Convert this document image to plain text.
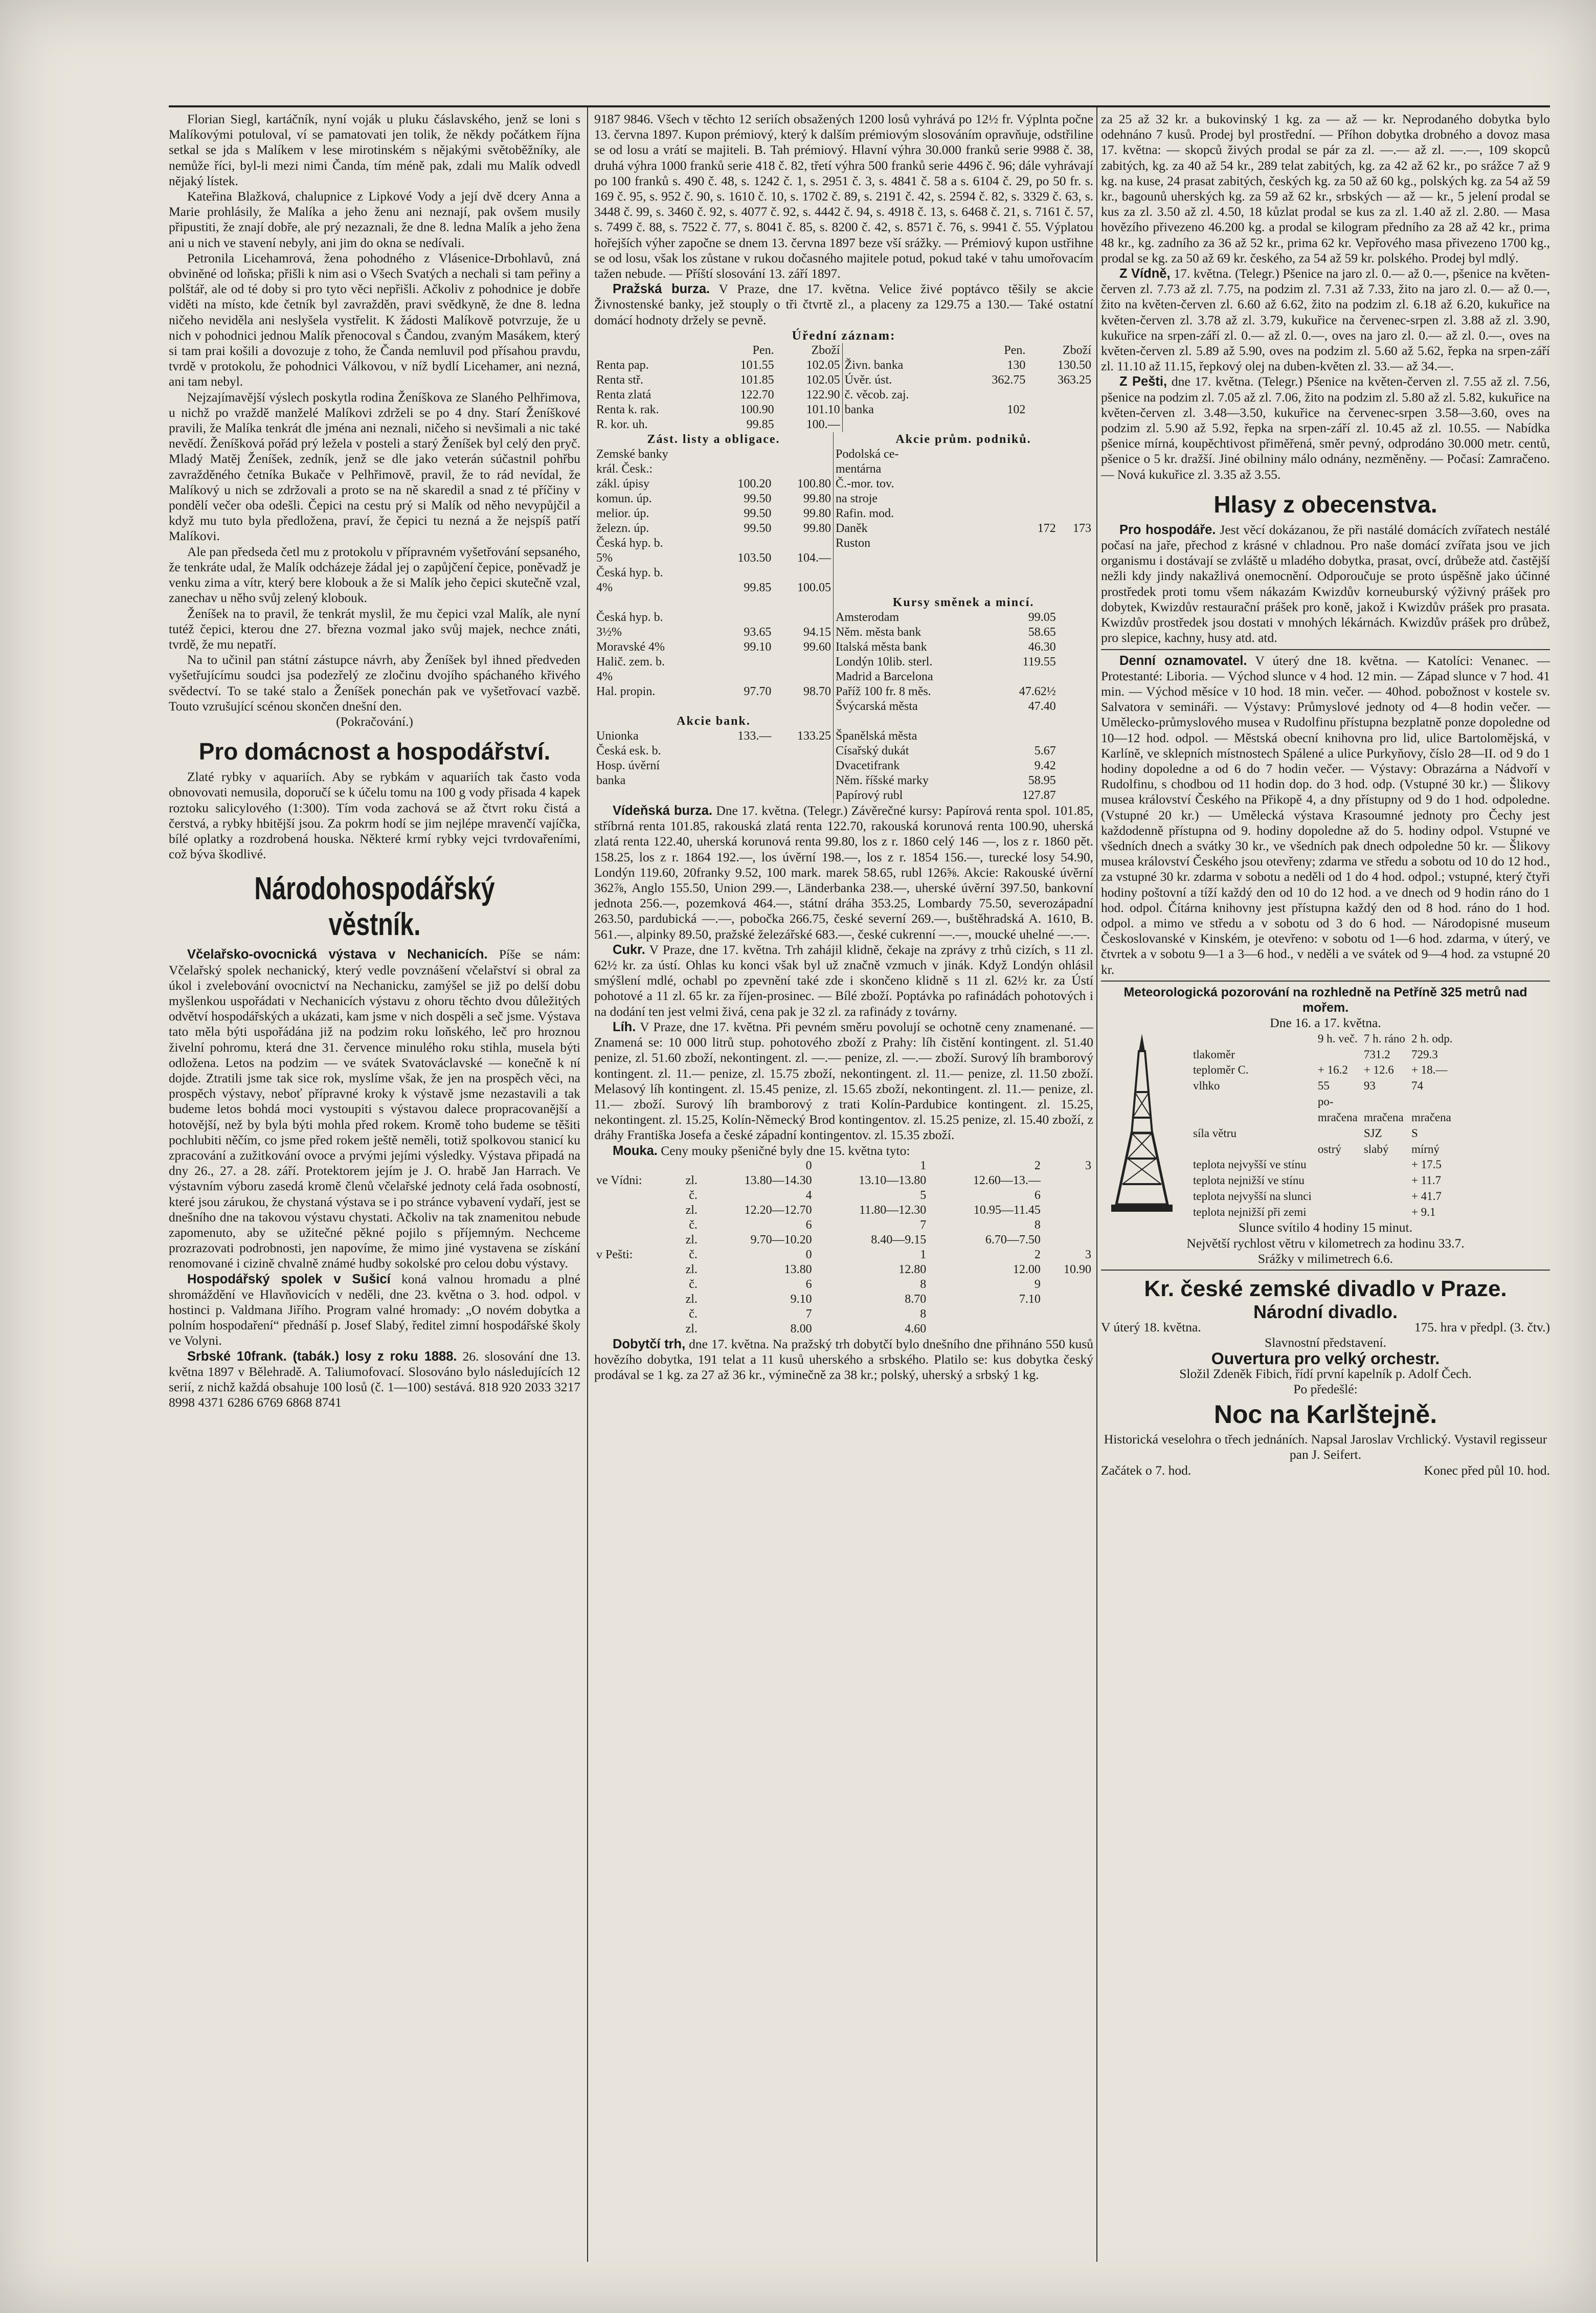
Florian Siegl, kartáčník, nyní voják u pluku čáslavského, jenž se loni s Malíkovými potuloval, ví se pamatovati jen tolik, že někdy počátkem října setkal se jda s Malíkem v lese mirotinském s nějakými světoběžníky, ale nemůže říci, byl-li mezi nimi Čanda, tím méně pak, zdali mu Malík odvedl nějaký lístek.

Kateřina Blažková, chalupnice z Lipkové Vody a její dvě dcery Anna a Marie prohlásily, že Malíka a jeho ženu ani neznají, pak ovšem musily připustiti, že znají dobře, ale prý nezaznali, že dne 8. ledna Malík a jeho žena ani u nich ve stavení nebyly, ani jim do okna se nedívali.

Petronila Licehamrová, žena pohodného z Vlásenice-Drbohlavů, zná obviněné od loňska; přišli k nim asi o Všech Svatých a nechali si tam peřiny a polštář, ale od té doby si pro tyto věci nepřišli. Ačkoliv z pohodnice je dobře viděti na místo, kde četník byl zavražděn, pravi svědkyně, že dne 8. ledna ničeho neviděla ani neslyšela vystřelit. K žádosti Malíkově potvrzuje, že u nich v pohodnici jednou Malík přenocoval s Čandou, zvaným Masákem, který si tam prai košili a dovozuje z toho, že Čanda nemluvil pod přísahou pravdu, tvrdě v protokolu, že pohodnici Válkovou, v níž bydlí Licehamer, ani nezná, ani tam nebyl.

Nejzajímavější výslech poskytla rodina Ženíškova ze Slaného Pelhřimova, u nichž po vraždě manželé Malíkovi zdrželi se po 4 dny. Starí Ženíškové pravili, že Malíka tenkrát dle jména ani neznali, ničeho si nevšimali a nic také nevědí. Ženíšková pořád prý ležela v posteli a starý Ženíšek byl celý den pryč. Mladý Matěj Ženíšek, zedník, jenž se dle jako veterán súčastnil pohřbu zavražděného četníka Bukače v Pelhřimově, pravil, že to rád nevídal, že Malíkový u nich se zdržovali a proto se na ně skaredil a snad z té příčiny v pondělí večer oba odešli. Čepici na cestu prý si Malík od něho nevypůjčil a když mu tuto byla předložena, praví, že čepici tu nezná a že nejspíš patří Malíkovi.

Ale pan předseda četl mu z protokolu v přípravném vyšetřování sepsaného, že tenkráte udal, že Malík odcházeje žádal jej o zapůjčení čepice, poněvadž je venku zima a vítr, který bere klobouk a že si Malík jeho čepici skutečně vzal, zanechav u něho svůj zelený klobouk.

Ženíšek na to pravil, že tenkrát myslil, že mu čepici vzal Malík, ale nyní tutéž čepici, kterou dne 27. března vozmal jako svůj majek, nechce znáti, tvrdě, že mu nepatří.

Na to učinil pan státní zástupce návrh, aby Ženíšek byl ihned předveden vyšetřujícímu soudci jsa podezřelý ze zločinu dvojího spáchaného křivého svědectví. To se také stalo a Ženíšek ponechán pak ve vyšetřovací vazbě. Touto vzrušující scénou skončen dnešní den.

(Pokračování.)

Pro domácnost a hospodářství.

Zlaté rybky v aquariích. Aby se rybkám v aquariích tak často voda obnovovati nemusila, doporučí se k účelu tomu na 100 g vody přisada 4 kapek roztoku salicylového (1:300). Tím voda zachová se až čtvrt roku čistá a čerstvá, a rybky hbitější jsou. Za pokrm hodí se jim nejlépe mravenčí vajíčka, bílé oplatky a rozdrobená houska. Některé krmí rybky vejci tvrdovařeními, což býva škodlivé.

Národohospodářský věstník.

Včelařsko-ovocnická výstava v Nechanicích. Píše se nám: Včelařský spolek nechanický, který vedle povznášení včelařství si obral za úkol i zvelebování ovocnictví na Nechanicku, zamýšel se již po delší dobu myšlenkou uspořádati v Nechanicích výstavu z ohoru těchto dvou důležitých odvětví hospodářských a ukázati, kam jsme v nich dospěli a seč jsme. Výstava tato měla býti uspořádána již na podzim roku loňského, leč pro hroznou živelní pohromu, která dne 31. července minulého roku stihla, musela býti odložena. Letos na podzim — ve svátek Svatováclavské — konečně k ní dojde. Ztratili jsme tak sice rok, myslíme však, že jen na prospěch věci, na prospěch výstavy, neboť přípravné kroky k výstavě jsme nezastavili a tak budeme letos bohdá moci vystoupiti s výstavou dalece propracovanější a hotovější, než by byla býti mohla před rokem. Kromě toho budeme se těšiti pochlubiti něčím, co jsme před rokem ještě neměli, totiž spolkovou stanicí ku zpracování a zužitkování ovoce a prvými jejími výsledky. Výstava připadá na dny 26., 27. a 28. září. Protektorem jejím je J. O. hrabě Jan Harrach. Ve výstavním výboru zasedá kromě členů včelařské jednoty celá řada osobností, které jsou zárukou, že chystaná výstava se i po stránce vybavení vydaří, jest se dnešního dne na takovou výstavu chystati. Ačkoliv na tak znamenitou nebude zapomenuto, aby se užitečné pěkné pojilo s příjemným. Nechceme prozrazovati podrobnosti, jen napovíme, že mimo jiné vystavena se získání renomované i cizině chvalně známé hudby sokolské pro celou dobu výstavy.

Hospodářský spolek v Sušicí koná valnou hromadu a plné shromáždění ve Hlavňovicích v neděli, dne 23. května o 3. hod. odpol. v hostinci p. Valdmana Jiřího. Program valné hromady: „O novém dobytka a polním hospodaření“ přednáší p. Josef Slabý, ředitel zimní hospodářské školy ve Volyni.

Srbské 10frank. (tabák.) losy z roku 1888. 26. slosování dne 13. května 1897 v Bělehradě. A. Taliumofovací. Slosováno bylo následujících 12 serií, z nichž každá obsahuje 100 losů (č. 1—100) sestává. 818 920 2033 3217 8998 4371 6286 6769 6868 8741

9187 9846. Všech v těchto 12 seriích obsažených 1200 losů vyhrává po 12½ fr. Výplnta počne 13. června 1897. Kupon prémiový, který k dalším prémiovým slosováním opravňuje, odstřiline se od losu a vrátí se majiteli. B. Tah prémiový. Hlavní výhra 30.000 franků serie 9988 č. 38, druhá výhra 1000 franků serie 418 č. 82, třetí výhra 500 franků serie 4496 č. 96; dále vyhrávají po 100 franků s. 490 č. 48, s. 1242 č. 1, s. 2951 č. 3, s. 4841 č. 58 a s. 6104 č. 29, po 50 fr. s. 169 č. 95, s. 952 č. 90, s. 1610 č. 10, s. 1702 č. 89, s. 2191 č. 42, s. 2594 č. 82, s. 3329 č. 63, s. 3448 č. 99, s. 3460 č. 92, s. 4077 č. 92, s. 4442 č. 94, s. 4918 č. 13, s. 6468 č. 21, s. 7161 č. 57, s. 7499 č. 88, s. 7522 č. 77, s. 8041 č. 85, s. 8200 č. 42, s. 8571 č. 76, s. 9941 č. 55. Výplatou hořejších výher započne se dnem 13. června 1897 beze vší srážky. — Prémiový kupon ustřihne se od losu, však los zůstane v rukou dočasného majitele potud, pokud také v tahu umořovacím tažen nebude. — Příští slosování 13. září 1897.

Pražská burza. V Praze, dne 17. května. Velice živé poptávco těšily se akcie Živnostenské banky, jež stouply o tři čtvrtě zl., a placeny za 129.75 a 130.— Také ostatní domácí hodnoty držely se pevně.

Úřední záznam:
	Pen.	Zboží		Pen.	Zboží
Renta pap.	101.55	102.05	Živn. banka	130	130.50
Renta stř.	101.85	102.05	Úvěr. úst.	362.75	363.25
Renta zlatá	122.70	122.90	č. věcob. zaj.		
Renta k. rak.	100.90	101.10	banka	102	
R. kor. uh.	99.85	100.—			
Zást. listy a obligace.			Akcie prům. podniků.		
Zemské banky			Podolská ce-		
král. Česk.:			mentárna		
zákl. úpisy	100.20	100.80	Č.-mor. tov.		
komun. úp.	99.50	99.80	na stroje		
melior. úp.	99.50	99.80	Rafin. mod.		
železn. úp.	99.50	99.80	Daněk	172	173
Česká hyp. b.			Ruston		
5%	103.50	104.—			
Česká hyp. b.					
4%	99.85	100.05			
			Kursy směnek a mincí.		
Česká hyp. b.			Amsterodam	99.05	
3½%	93.65	94.15	Něm. města bank	58.65	
Moravské 4%	99.10	99.60	Italská města bank	46.30	
Halič. zem. b.			Londýn 10lib. sterl.	119.55	
4%			Madrid a Barcelona		
Hal. propin.	97.70	98.70	Paříž 100 fr. 8 měs.	47.62½	
			Švýcarská města	47.40	
Akcie bank.					
Unionka	133.—	133.25	Španělská města		
Česká esk. b.			Císařský dukát	5.67	
Hosp. úvěrní			Dvacetifrank	9.42	
banka			Něm. říšské marky	58.95	
			Papírový rubl	127.87	

Vídeňská burza. Dne 17. května. (Telegr.) Závěrečné kursy: Papírová renta spol. 101.85, stříbrná renta 101.85, rakouská zlatá renta 122.70, rakouská korunová renta 100.90, uherská zlatá renta 122.40, uherská korunová renta 99.80, los z r. 1860 celý 146 —, los z r. 1860 pět. 158.25, los z r. 1864 192.—, los úvěrní 198.—, los z r. 1854 156.—, turecké losy 54.90, Londýn 119.60, 20franky 9.52, 100 mark. marek 58.65, rubl 126⅝. Akcie: Rakouské úvěrní 362⅞, Anglo 155.50, Union 299.—, Länderbanka 238.—, uherské úvěrní 397.50, bankovní jednota 256.—, pozemková 464.—, státní dráha 353.25, Lombardy 75.50, severozápadní 263.50, pardubická —.—, pobočka 266.75, české severní 269.—, buštěhradská A. 1610, B. 561.—, alpinky 89.50, pražské železářské 683.—, české cukrenní —.—, moucké uhelné —.—.

Cukr. V Praze, dne 17. května. Trh zahájil klidně, čekaje na zprávy z trhů cizích, s 11 zl. 62½ kr. za ústí. Ohlas ku konci však byl už značně vzmuch v jinák. Když Londýn ohlásil smýšlení mdlé, ochabl po zpevnění také zde i skončeno klidně s 11 zl. 62½ kr. za Ústí pohotové a 11 zl. 65 kr. za říjen-prosinec. — Bílé zboží. Poptávka po rafinádách pohotových i na dodání ten jest velmi živá, cena pak je 32 zl. za rafinády z továrny.

Líh. V Praze, dne 17. května. Při pevném směru povolují se ochotně ceny znamenané. — Znamená se: 10 000 litrů stup. pohotového zboží z Prahy: líh čistění kontingent. zl. 51.40 penize, zl. 51.60 zboží, nekontingent. zl. —.— penize, zl. —.— zboží. Surový líh bramborový kontingent. zl. 11.— penize, zl. 15.75 zboží, nekontingent. zl. 11.— penize, zl. 11.50 zboží. Melasový líh kontingent. zl. 15.45 penize, zl. 15.65 zboží, nekontingent. zl. 11.— penize, zl. 11.— zboží. Surový líh bramborový z trati Kolín-Pardubice kontingent. zl. 15.25, nekontingent. zl. 15.25, Kolín-Německý Brod kontingentov. zl. 15.25 penize, zl. 15.40 zboží, z dráhy Františka Josefa a české západní kontingentov. zl. 15.35 zboží.

Mouka. Ceny mouky pšeničné byly dne 15. května tyto:

		0	1	2	3
ve Vídni:	zl.	13.80—14.30	13.10—13.80	12.60—13.—	
	č.	4	5	6	
	zl.	12.20—12.70	11.80—12.30	10.95—11.45	
	č.	6	7	8	
	zl.	9.70—10.20	8.40—9.15	6.70—7.50	
v Pešti:	č.	0	1	2	3
	zl.	13.80	12.80	12.00	10.90
	č.	6	8	9	
	zl.	9.10	8.70	7.10	
	č.	7	8		
	zl.	8.00	4.60		

Dobytčí trh, dne 17. května. Na pražský trh dobytčí bylo dnešního dne přihnáno 550 kusů hovězího dobytka, 191 telat a 11 kusů uherského a srbského. Platilo se: kus dobytka český prodával se 1 kg. za 27 až 36 kr., výminečně za 38 kr.; polský, uherský a srbský 1 kg.

za 25 až 32 kr. a bukovinský 1 kg. za — až — kr. Neprodaného dobytka bylo odehnáno 7 kusů. Prodej byl prostřední. — Příhon dobytka drobného a dovoz masa 17. května: — skopců živých prodal se pár za zl. —.— až zl. —.—, 109 skopců zabitých, kg. za 40 až 54 kr., 289 telat zabitých, kg. za 42 až 62 kr., po srážce 7 až 9 kg. na kuse, 24 prasat zabitých, českých kg. za 50 až 60 kg., polských kg. za 54 až 59 kr., bagounů uherských kg. za 59 až 62 kr., srbských — až — kr., 5 jelení prodal se kus za zl. 3.50 až zl. 4.50, 18 kůzlat prodal se kus za zl. 1.40 až zl. 2.80. — Masa hovězího přivezeno 46.200 kg. a prodal se kilogram předního za 28 až 42 kr., prima 48 kr., kg. zadního za 36 až 52 kr., prima 62 kr. Vepřového masa přivezeno 1700 kg., prodal se kg. za 50 až 69 kr. českého, za 54 až 59 kr. polského. Prodej byl mdlý.

Z Vídně, 17. května. (Telegr.) Pšenice na jaro zl. 0.— až 0.—, pšenice na květen-červen zl. 7.73 až zl. 7.75, na podzim zl. 7.31 až 7.33, žito na jaro zl. 0.— až 0.—, žito na květen-červen zl. 6.60 až 6.62, žito na podzim zl. 6.18 až 6.20, kukuřice na květen-červen zl. 3.78 až zl. 3.79, kukuřice na červenec-srpen zl. 3.88 až zl. 3.90, kukuřice na srpen-září zl. 0.— až zl. 0.—, oves na jaro zl. 0.— až zl. 0.—, oves na květen-červen zl. 5.89 až 5.90, oves na podzim zl. 5.60 až 5.62, řepka na srpen-září zl. 11.10 až 11.15, řepkový olej na duben-květen zl. 33.— až 34.—.

Z Pešti, dne 17. května. (Telegr.) Pšenice na květen-červen zl. 7.55 až zl. 7.56, pšenice na podzim zl. 7.05 až zl. 7.06, žito na podzim zl. 5.80 až zl. 5.82, kukuřice na květen-červen zl. 3.48—3.50, kukuřice na červenec-srpen 3.58—3.60, oves na podzim zl. 5.90 až 5.92, řepka na srpen-září zl. 10.45 až zl. 10.55. — Nabídka pšenice mírná, koupěchtivost přiměřená, směr pevný, odprodáno 30.000 metr. centů, pšenice o 5 kr. dražší. Jiné obilniny málo odnány, nezměněny. — Počasí: Zamračeno. — Nová kukuřice zl. 3.35 až 3.55.

Hlasy z obecenstva.

Pro hospodáře. Jest věcí dokázanou, že při nastálé domácích zvířatech nestálé počasí na jaře, přechod z krásné v chladnou. Pro naše domácí zvířata jsou ve jich organismu i dostávají se zvláště u mladého dobytka, prasat, ovcí, drůbeže atd. častější nežli kdy jindy nakažlivá onemocnění. Odporoučuje se proto úspěšně jako účinné prostředek proti tomu všem nákazám Kwizdův korneuburský výživný prášek pro dobytek, Kwizdův restaurační prášek pro koně, jakož i Kwizdův prášek pro prasata. Kwizdův prostředek jsou dostati v mnohých lékárnách. Kwizdův prášek pro drůbež, pro slepice, kachny, husy atd. atd.

Denní oznamovatel. V úterý dne 18. května. — Katolíci: Venanec. — Protestanté: Liboria. — Východ slunce v 4 hod. 12 min. — Západ slunce v 7 hod. 41 min. — Východ měsíce v 10 hod. 18 min. večer. — 40hod. pobožnost v kostele sv. Salvatora v semináři. — Výstavy: Průmyslové jednoty od 4—8 hodin večer. — Umělecko-průmyslového musea v Rudolfinu přístupna bezplatně ponze dopoledne od 10—12 hod. odpol. — Městská obecní knihovna pro lid, ulice Bartolomějská, v Karlíně, ve sklepních místnostech Spálené a ulice Purkyňovy, číslo 28—II. od 9 do 1 hodiny dopoledne a od 6 do 7 hodin večer. — Výstavy: Obrazárna a Nádvoří v Rudolfinu, s chodbou od 11 hodin dop. do 3 hod. odp. (Vstupné 30 kr.) — Šlikovy musea království Českého na Přikopě 4, a dny přístupny od 9 do 1 hod. odpoledne. (Vstupné 20 kr.) — Umělecká výstava Krasoumné jednoty pro Čechy jest každodenně přístupna od 9. hodiny dopoledne až do 5. hodiny odpol. Vstupné ve všedních dnech a svátky 30 kr., ve všedních pak dnech odpoledne 50 kr. — Šlikovy musea království Českého jsou otevřeny; zdarma ve středu a sobotu od 10 do 12 hod., za vstupné 30 kr. zdarma v sobotu a neděli od 1 do 4 hod. odpol.; vstupné, který čtyři hodiny poštovní a tíží každý den od 10 do 12 hod. a ve dnech od 9 hodin ráno do 1 hod. odpol. Čítárna knihovny jest přístupna každý den od 8 hod. ráno do 1 hod. odpol. a mimo ve středu a v sobotu od 3 do 6 hod. — Národopisné museum Českoslovanské v Kinském, je otevřeno: v sobotu od 1—6 hod. zdarma, v úterý, ve čtvrtek a v sobotu 9—1 a 3—6 hod., v neděli a ve svátek od 9—4 hod. za vstupné 20 kr.

Meteorologická pozorování na rozhledně na Petříně 325 metrů nad mořem.
Dne 16. a 17. května.
	9 h. več.	7 h. ráno	2 h. odp.
tlakoměr		731.2	729.3
teploměr C.	+ 16.2	+ 12.6	+ 18.—
vlhko	55	93	74
	po-		
	mračena	mračena	mračena
síla větru		SJZ	S
	ostrý	slabý	mírný
teplota nejvyšší ve stínu			+ 17.5
teplota nejnižší ve stínu			+ 11.7
teplota nejvyšší na slunci			+ 41.7
teplota nejnižší při zemi			+ 9.1
Slunce svítilo 4 hodiny 15 minut.
Největší rychlost větru v kilometrech za hodinu 33.7.
Srážky v milimetrech 6.6.
Kr. české zemské divadlo v Praze.
Národní divadlo.
V úterý 18. května.	175. hra v předpl. (3. čtv.)
Slavnostní představení.
Ouvertura pro velký orchestr.
Složil Zdeněk Fibich, řídí první kapelník p. Adolf Čech.
Po předešlé:
Noc na Karlštejně.
Historická veselohra o třech jednáních. Napsal Jaroslav Vrchlický. Vystavil regisseur pan J. Seifert.
Začátek o 7. hod.	Konec před půl 10. hod.
